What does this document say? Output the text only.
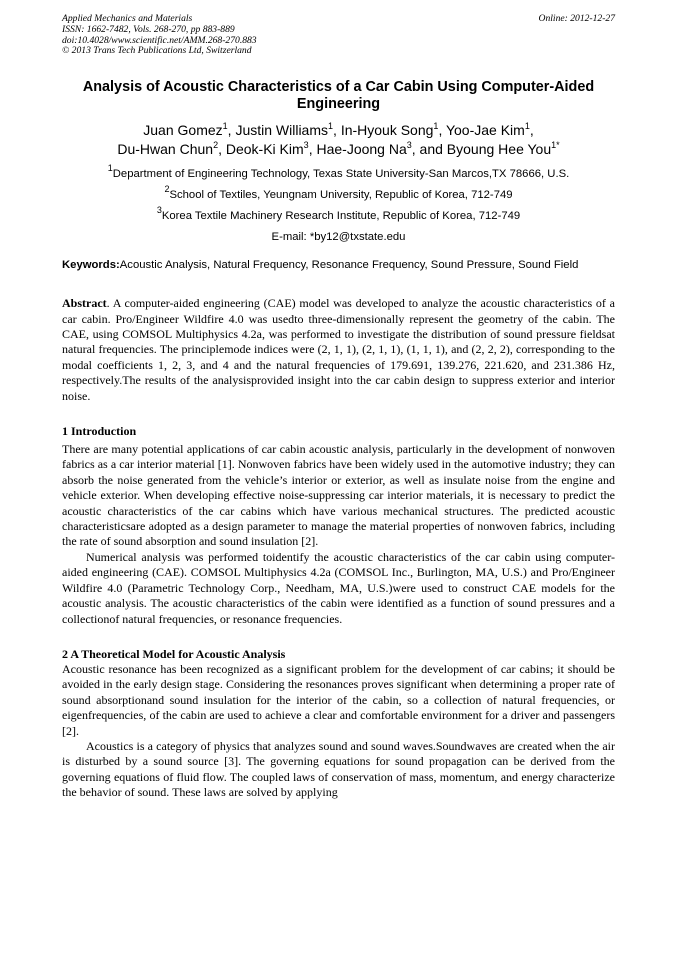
Applied Mechanics and Materials
ISSN: 1662-7482, Vols. 268-270, pp 883-889
doi:10.4028/www.scientific.net/AMM.268-270.883
© 2013 Trans Tech Publications Ltd, Switzerland
Online: 2012-12-27
Analysis of Acoustic Characteristics of a Car Cabin Using Computer-Aided Engineering
Juan Gomez$^1$, Justin Williams$^1$, In-Hyouk Song$^1$, Yoo-Jae Kim$^1$,
Du-Hwan Chun$^2$, Deok-Ki Kim$^3$, Hae-Joong Na$^3$, and Byoung Hee You$^{1*}$
$^1$Department of Engineering Technology, Texas State University-San Marcos,TX 78666, U.S.
$^2$School of Textiles, Yeungnam University, Republic of Korea, 712-749
$^3$Korea Textile Machinery Research Institute, Republic of Korea, 712-749
E-mail: *by12@txstate.edu
Keywords:Acoustic Analysis, Natural Frequency, Resonance Frequency, Sound Pressure, Sound Field
Abstract. A computer-aided engineering (CAE) model was developed to analyze the acoustic characteristics of a car cabin. Pro/Engineer Wildfire 4.0 was usedto three-dimensionally represent the geometry of the cabin. The CAE, using COMSOL Multiphysics 4.2a, was performed to investigate the distribution of sound pressure fieldsat natural frequencies. The principlemode indices were (2, 1, 1), (2, 1, 1), (1, 1, 1), and (2, 2, 2), corresponding to the modal coefficients 1, 2, 3, and 4 and the natural frequencies of 179.691, 139.276, 221.620, and 231.386 Hz, respectively.The results of the analysisprovided insight into the car cabin design to suppress exterior and interior noise.
1 Introduction

There are many potential applications of car cabin acoustic analysis, particularly in the development of nonwoven fabrics as a car interior material [1]. Nonwoven fabrics have been widely used in the automotive industry; they can absorb the noise generated from the vehicle’s interior or exterior, as well as insulate noise from the engine and vehicle exterior. When developing effective noise-suppressing car interior materials, it is necessary to predict the acoustic characteristics of the car cabins which have various mechanical structures. The predicted acoustic characteristicsare adopted as a design parameter to manage the material properties of nonwoven fabrics, including the rate of sound absorption and sound insulation [2].

Numerical analysis was performed toidentify the acoustic characteristics of the car cabin using computer-aided engineering (CAE). COMSOL Multiphysics 4.2a (COMSOL Inc., Burlington, MA, U.S.) and Pro/Engineer Wildfire 4.0 (Parametric Technology Corp., Needham, MA, U.S.)were used to construct CAE models for the acoustic analysis. The acoustic characteristics of the cabin were identified as a function of sound pressures and a collectionof natural frequencies, or resonance frequencies.

2 A Theoretical Model for Acoustic Analysis

Acoustic resonance has been recognized as a significant problem for the development of car cabins; it should be avoided in the early design stage. Considering the resonances proves significant when determining a proper rate of sound absorptionand sound insulation for the interior of the cabin, so a collection of natural frequencies, or eigenfrequencies, of the cabin are used to achieve a clear and comfortable environment for a driver and passengers [2].

Acoustics is a category of physics that analyzes sound and sound waves.Soundwaves are created when the air is disturbed by a sound source [3]. The governing equations for sound propagation can be derived from the governing equations of fluid flow. The coupled laws of conservation of mass, momentum, and energy characterize the behavior of sound. These laws are solved by applying
